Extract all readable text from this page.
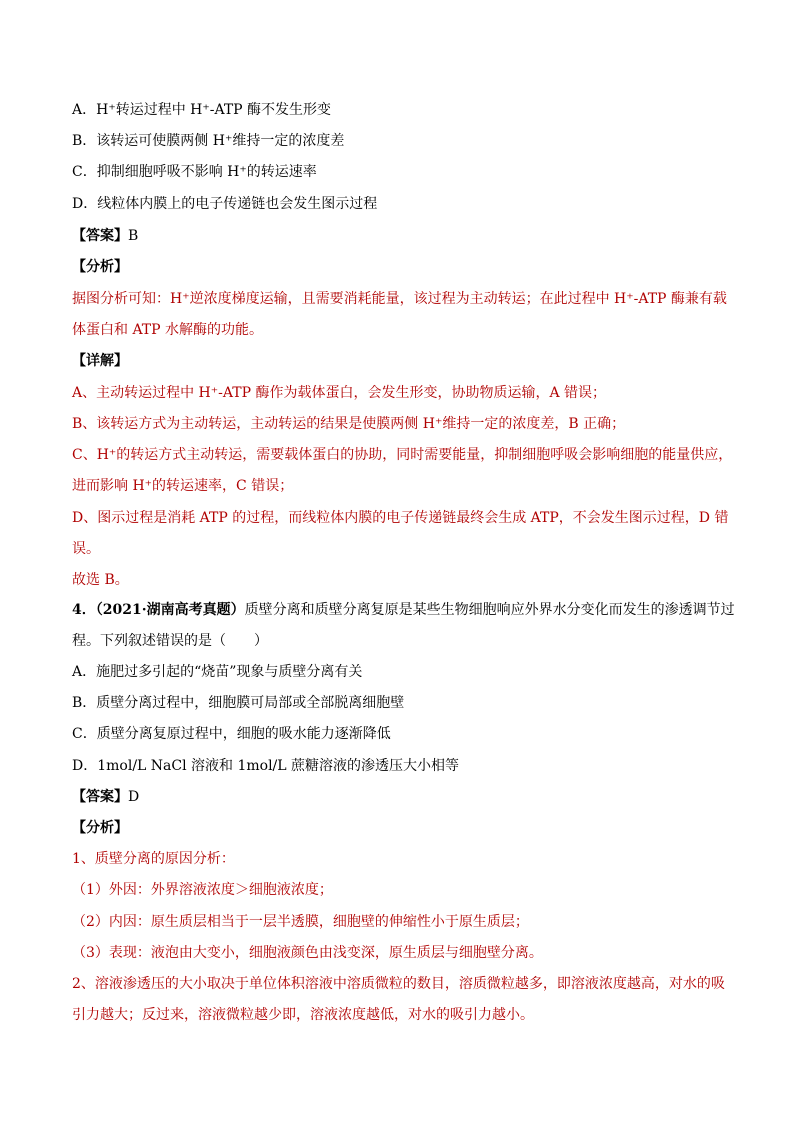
A．H⁺转运过程中 H⁺-ATP 酶不发生形变
B．该转运可使膜两侧 H⁺维持一定的浓度差
C．抑制细胞呼吸不影响 H⁺的转运速率
D．线粒体内膜上的电子传递链也会发生图示过程
【答案】B
【分析】
据图分析可知：H⁺逆浓度梯度运输，且需要消耗能量，该过程为主动转运；在此过程中 H⁺-ATP 酶兼有载
体蛋白和 ATP 水解酶的功能。
【详解】
A、主动转运过程中 H⁺-ATP 酶作为载体蛋白，会发生形变，协助物质运输，A 错误；
B、该转运方式为主动转运，主动转运的结果是使膜两侧 H⁺维持一定的浓度差，B 正确；
C、H⁺的转运方式主动转运，需要载体蛋白的协助，同时需要能量，抑制细胞呼吸会影响细胞的能量供应，
进而影响 H⁺的转运速率，C 错误；
D、图示过程是消耗 ATP 的过程，而线粒体内膜的电子传递链最终会生成 ATP，不会发生图示过程，D 错
误。
故选 B。
4．（2021·湖南高考真题）质壁分离和质壁分离复原是某些生物细胞响应外界水分变化而发生的渗透调节过
程。下列叙述错误的是（　　）
A．施肥过多引起的“烧苗”现象与质壁分离有关
B．质壁分离过程中，细胞膜可局部或全部脱离细胞壁
C．质壁分离复原过程中，细胞的吸水能力逐渐降低
D．1mol/L NaCl 溶液和 1mol/L 蔗糖溶液的渗透压大小相等
【答案】D
【分析】
1、质壁分离的原因分析：
（1）外因：外界溶液浓度＞细胞液浓度；
（2）内因：原生质层相当于一层半透膜，细胞壁的伸缩性小于原生质层；
（3）表现：液泡由大变小，细胞液颜色由浅变深，原生质层与细胞壁分离。
2、溶液渗透压的大小取决于单位体积溶液中溶质微粒的数目，溶质微粒越多，即溶液浓度越高，对水的吸
引力越大；反过来，溶液微粒越少即，溶液浓度越低，对水的吸引力越小。
